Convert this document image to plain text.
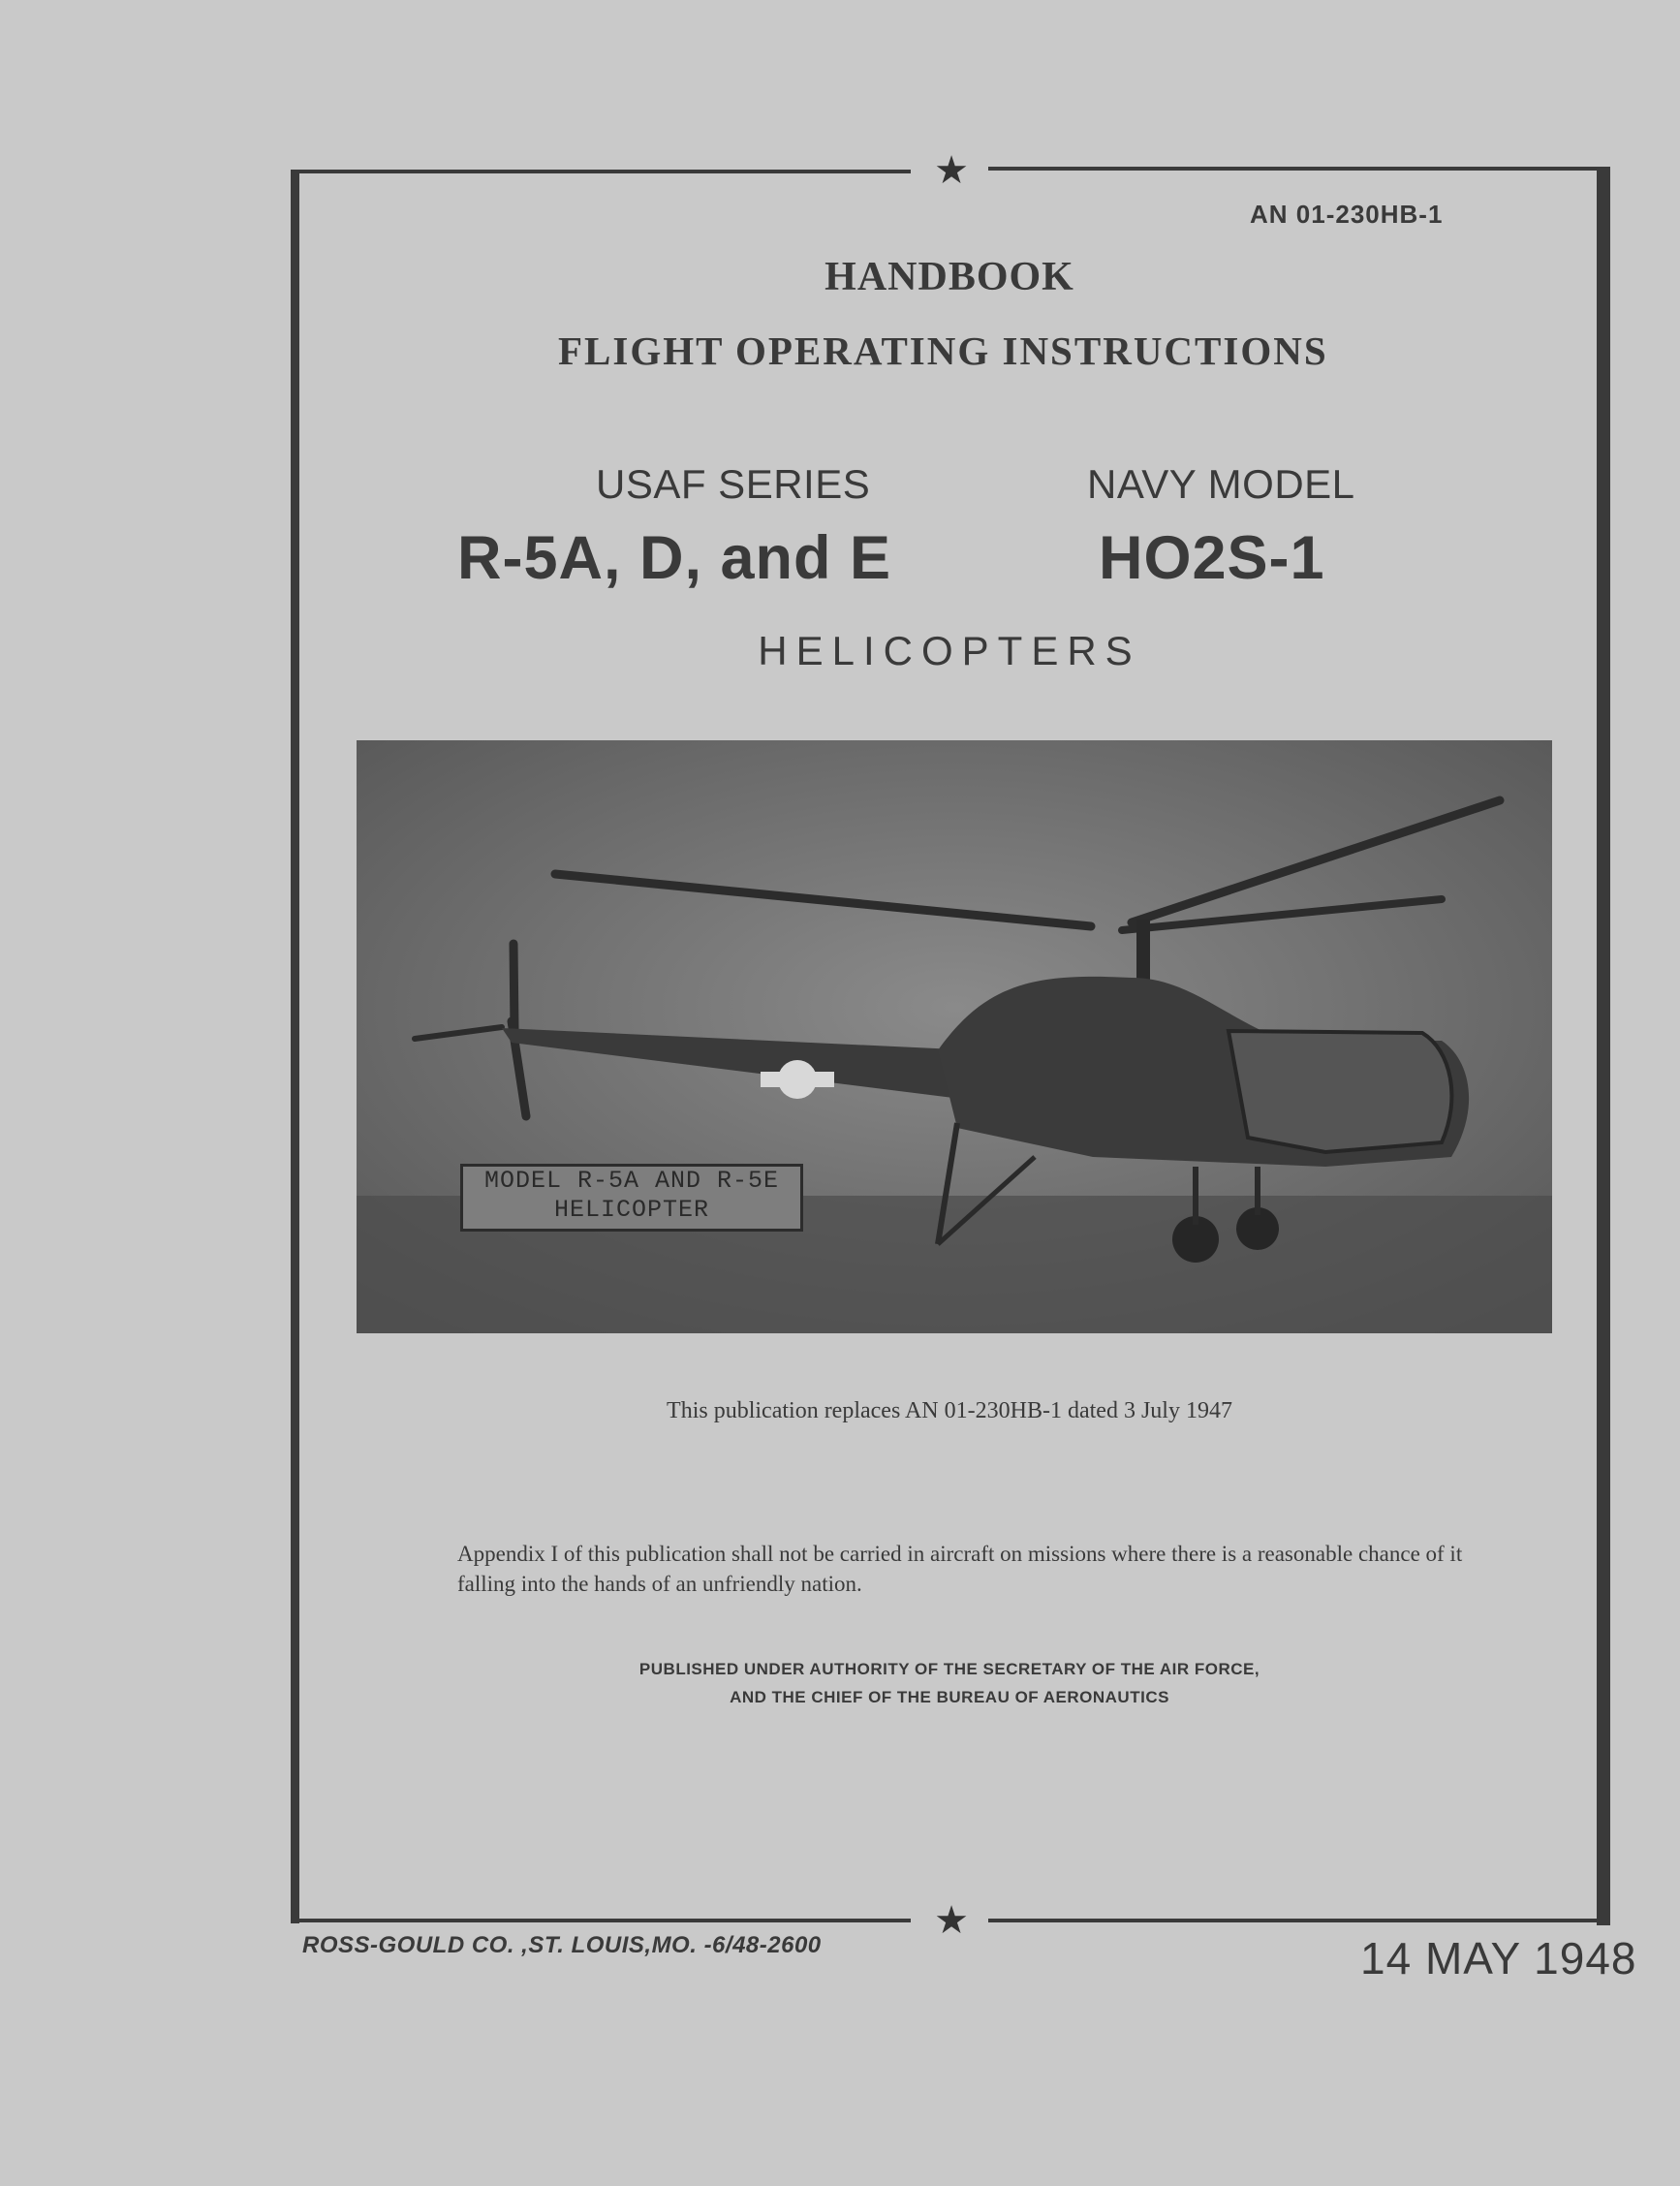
★
★
AN 01-230HB-1
HANDBOOK
FLIGHT OPERATING INSTRUCTIONS
USAF SERIES
R-5A, D, and E
NAVY MODEL
HO2S-1
HELICOPTERS
MODEL R-5A AND R-5E
HELICOPTER
This publication replaces AN 01-230HB-1 dated 3 July 1947
Appendix I of this publication shall not be carried in aircraft on missions where there is a reasonable chance of it falling into the hands of an unfriendly nation.
PUBLISHED UNDER AUTHORITY OF THE SECRETARY OF THE AIR FORCE,
AND THE CHIEF OF THE BUREAU OF AERONAUTICS
ROSS-GOULD CO. ,ST. LOUIS,MO. -6/48-2600	14 MAY 1948
